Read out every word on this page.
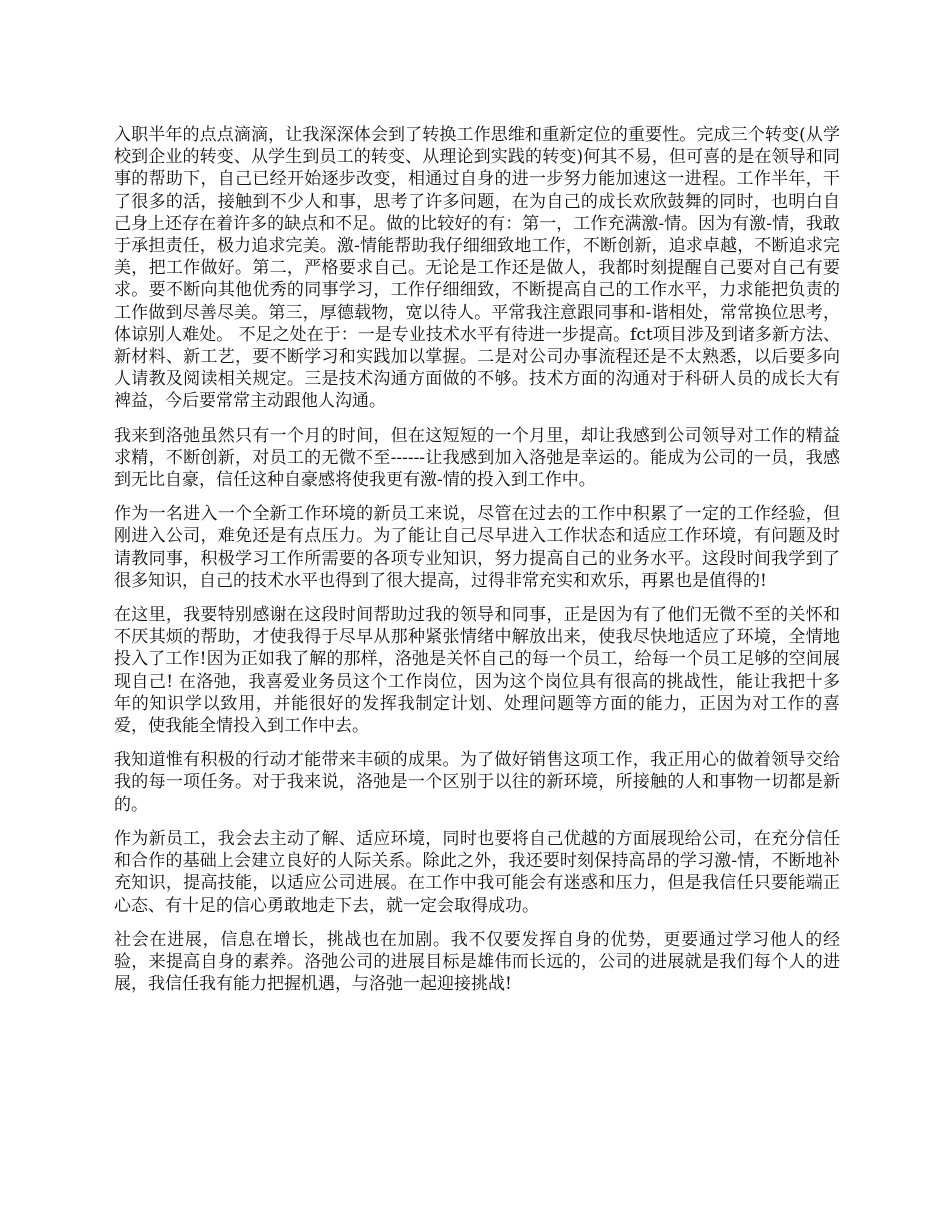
入职半年的点点滴滴，让我深深体会到了转换工作思维和重新定位的重要性。完成三个转变(从学校到企业的转变、从学生到员工的转变、从理论到实践的转变)何其不易，但可喜的是在领导和同事的帮助下，自己已经开始逐步改变，相通过自身的进一步努力能加速这一进程。工作半年，干了很多的活，接触到不少人和事，思考了许多问题，在为自己的成长欢欣鼓舞的同时，也明白自己身上还存在着许多的缺点和不足。做的比较好的有：第一，工作充满激-情。因为有激-情，我敢于承担责任，极力追求完美。激-情能帮助我仔细细致地工作，不断创新，追求卓越，不断追求完美，把工作做好。第二，严格要求自己。无论是工作还是做人，我都时刻提醒自己要对自己有要求。要不断向其他优秀的同事学习，工作仔细细致，不断提高自己的工作水平，力求能把负责的工作做到尽善尽美。第三，厚德载物，宽以待人。平常我注意跟同事和-谐相处，常常换位思考，体谅别人难处。 不足之处在于：一是专业技术水平有待进一步提高。fct项目涉及到诸多新方法、新材料、新工艺，要不断学习和实践加以掌握。二是对公司办事流程还是不太熟悉，以后要多向人请教及阅读相关规定。三是技术沟通方面做的不够。技术方面的沟通对于科研人员的成长大有裨益，今后要常常主动跟他人沟通。

我来到洛弛虽然只有一个月的时间，但在这短短的一个月里，却让我感到公司领导对工作的精益求精，不断创新，对员工的无微不至------让我感到加入洛弛是幸运的。能成为公司的一员，我感到无比自豪，信任这种自豪感将使我更有激-情的投入到工作中。

作为一名进入一个全新工作环境的新员工来说，尽管在过去的工作中积累了一定的工作经验，但刚进入公司，难免还是有点压力。为了能让自己尽早进入工作状态和适应工作环境，有问题及时请教同事，积极学习工作所需要的各项专业知识，努力提高自己的业务水平。这段时间我学到了很多知识，自己的技术水平也得到了很大提高，过得非常充实和欢乐，再累也是值得的!

在这里，我要特别感谢在这段时间帮助过我的领导和同事，正是因为有了他们无微不至的关怀和不厌其烦的帮助，才使我得于尽早从那种紧张情绪中解放出来，使我尽快地适应了环境，全情地投入了工作!因为正如我了解的那样，洛弛是关怀自己的每一个员工，给每一个员工足够的空间展现自己! 在洛弛，我喜爱业务员这个工作岗位，因为这个岗位具有很高的挑战性，能让我把十多年的知识学以致用，并能很好的发挥我制定计划、处理问题等方面的能力，正因为对工作的喜爱，使我能全情投入到工作中去。

我知道惟有积极的行动才能带来丰硕的成果。为了做好销售这项工作，我正用心的做着领导交给我的每一项任务。对于我来说，洛弛是一个区别于以往的新环境，所接触的人和事物一切都是新的。

作为新员工，我会去主动了解、适应环境，同时也要将自己优越的方面展现给公司，在充分信任和合作的基础上会建立良好的人际关系。除此之外，我还要时刻保持高昂的学习激-情，不断地补充知识，提高技能，以适应公司进展。在工作中我可能会有迷惑和压力，但是我信任只要能端正心态、有十足的信心勇敢地走下去，就一定会取得成功。

社会在进展，信息在增长，挑战也在加剧。我不仅要发挥自身的优势，更要通过学习他人的经验，来提高自身的素养。洛弛公司的进展目标是雄伟而长远的，公司的进展就是我们每个人的进展，我信任我有能力把握机遇，与洛弛一起迎接挑战!
